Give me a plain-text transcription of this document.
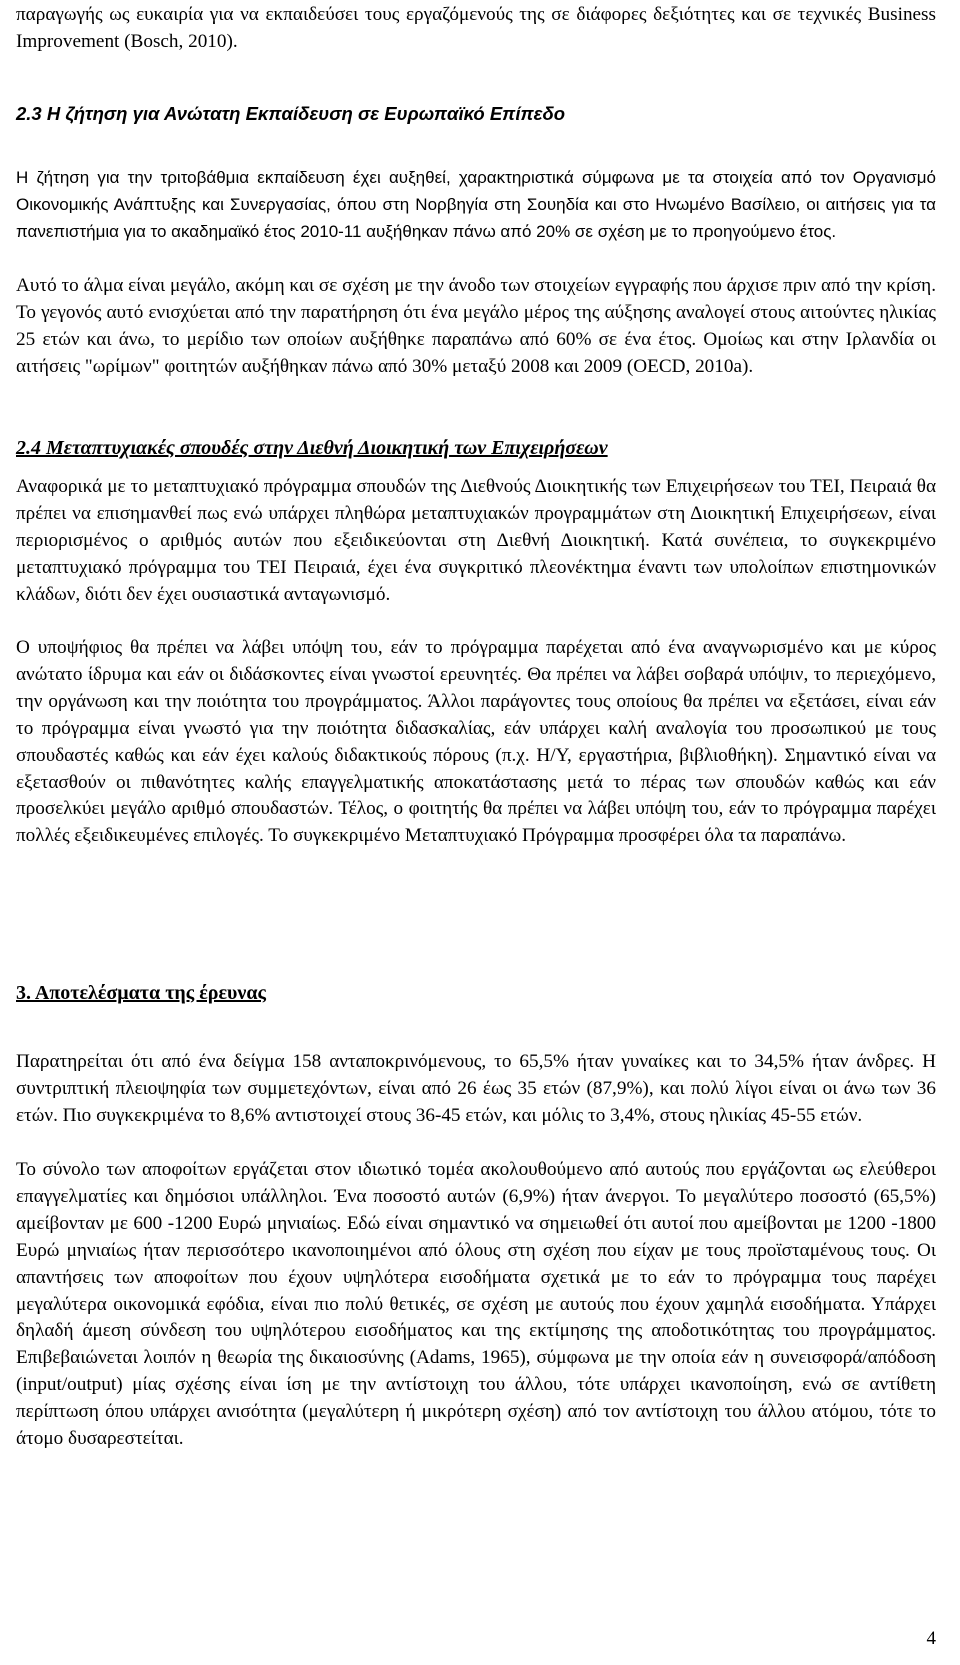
παραγωγής ως ευκαιρία για να εκπαιδεύσει τους εργαζόμενούς της σε διάφορες δεξιότητες και σε τεχνικές Business Improvement (Bosch, 2010).

2.3 Η ζήτηση για Ανώτατη Εκπαίδευση σε Ευρωπαϊκό Επίπεδο

Η ζήτηση για την τριτοβάθμια εκπαίδευση έχει αυξηθεί, χαρακτηριστικά σύμφωνα με τα στοιχεία από τον Οργανισμό Οικονομικής Ανάπτυξης και Συνεργασίας, όπου στη Νορβηγία στη Σουηδία και στο Ηνωμένο Βασίλειο, οι αιτήσεις για τα πανεπιστήμια για το ακαδημαϊκό έτος 2010-11 αυξήθηκαν πάνω από 20% σε σχέση με το προηγούμενο έτος.

Αυτό το άλμα είναι μεγάλο, ακόμη και σε σχέση με την άνοδο των στοιχείων εγγραφής που άρχισε πριν από την κρίση. Το γεγονός αυτό ενισχύεται από την παρατήρηση ότι ένα μεγάλο μέρος της αύξησης αναλογεί στους αιτούντες ηλικίας 25 ετών και άνω, το μερίδιο των οποίων αυξήθηκε παραπάνω από 60% σε ένα έτος. Ομοίως και στην Ιρλανδία οι αιτήσεις "ωρίμων" φοιτητών αυξήθηκαν πάνω από 30% μεταξύ 2008 και 2009 (OECD, 2010a).

2.4 Μεταπτυχιακές σπουδές στην Διεθνή Διοικητική των Επιχειρήσεων

Αναφορικά με το μεταπτυχιακό πρόγραμμα σπουδών της Διεθνούς Διοικητικής των Επιχειρήσεων του ΤΕΙ, Πειραιά θα πρέπει να επισημανθεί πως ενώ υπάρχει πληθώρα μεταπτυχιακών προγραμμάτων στη Διοικητική Επιχειρήσεων, είναι περιορισμένος ο αριθμός αυτών που εξειδικεύονται στη Διεθνή Διοικητική. Κατά συνέπεια, το συγκεκριμένο μεταπτυχιακό πρόγραμμα του ΤΕΙ Πειραιά, έχει ένα συγκριτικό πλεονέκτημα έναντι των υπολοίπων επιστημονικών κλάδων, διότι δεν έχει ουσιαστικά ανταγωνισμό.

Ο υποψήφιος θα πρέπει να λάβει υπόψη του, εάν το πρόγραμμα παρέχεται από ένα αναγνωρισμένο και με κύρος ανώτατο ίδρυμα και εάν οι διδάσκοντες είναι γνωστοί ερευνητές. Θα πρέπει να λάβει σοβαρά υπόψιν, το περιεχόμενο, την οργάνωση και την ποιότητα του προγράμματος. Άλλοι παράγοντες τους οποίους θα πρέπει να εξετάσει, είναι εάν το πρόγραμμα είναι γνωστό για την ποιότητα διδασκαλίας, εάν υπάρχει καλή αναλογία του προσωπικού με τους σπουδαστές καθώς και εάν έχει καλούς διδακτικούς πόρους (π.χ. Η/Υ, εργαστήρια, βιβλιοθήκη). Σημαντικό είναι να εξετασθούν οι πιθανότητες καλής επαγγελματικής αποκατάστασης μετά το πέρας των σπουδών καθώς και εάν προσελκύει μεγάλο αριθμό σπουδαστών. Τέλος, ο φοιτητής θα πρέπει να λάβει υπόψη του, εάν το πρόγραμμα παρέχει πολλές εξειδικευμένες επιλογές. Το συγκεκριμένο Μεταπτυχιακό Πρόγραμμα προσφέρει όλα τα παραπάνω.

3. Αποτελέσματα της έρευνας

Παρατηρείται ότι από ένα δείγμα 158 ανταποκρινόμενους, το 65,5% ήταν γυναίκες και το 34,5% ήταν άνδρες. Η συντριπτική πλειοψηφία των συμμετεχόντων, είναι από 26 έως 35 ετών (87,9%), και πολύ λίγοι είναι οι άνω των 36 ετών. Πιο συγκεκριμένα το 8,6% αντιστοιχεί στους 36-45 ετών, και μόλις το 3,4%, στους ηλικίας 45-55 ετών.

Το σύνολο των αποφοίτων εργάζεται στον ιδιωτικό τομέα ακολουθούμενο από αυτούς που εργάζονται ως ελεύθεροι επαγγελματίες και δημόσιοι υπάλληλοι. Ένα ποσοστό αυτών (6,9%) ήταν άνεργοι. Το μεγαλύτερο ποσοστό (65,5%) αμείβονταν με 600 -1200 Ευρώ μηνιαίως. Εδώ είναι σημαντικό να σημειωθεί ότι αυτοί που αμείβονται με 1200 -1800 Ευρώ μηνιαίως ήταν περισσότερο ικανοποιημένοι από όλους στη σχέση που είχαν με τους προϊσταμένους τους. Οι απαντήσεις των αποφοίτων που έχουν υψηλότερα εισοδήματα σχετικά με το εάν το πρόγραμμα τους παρέχει μεγαλύτερα οικονομικά εφόδια, είναι πιο πολύ θετικές, σε σχέση με αυτούς που έχουν χαμηλά εισοδήματα. Υπάρχει δηλαδή άμεση σύνδεση του υψηλότερου εισοδήματος και της εκτίμησης της αποδοτικότητας του προγράμματος. Επιβεβαιώνεται λοιπόν η θεωρία της δικαιοσύνης (Adams, 1965), σύμφωνα με την οποία εάν η συνεισφορά/απόδοση (input/output) μίας σχέσης είναι ίση με την αντίστοιχη του άλλου, τότε υπάρχει ικανοποίηση, ενώ σε αντίθετη περίπτωση όπου υπάρχει ανισότητα (μεγαλύτερη ή μικρότερη σχέση) από τον αντίστοιχη του άλλου ατόμου, τότε το άτομο δυσαρεστείται.

4
